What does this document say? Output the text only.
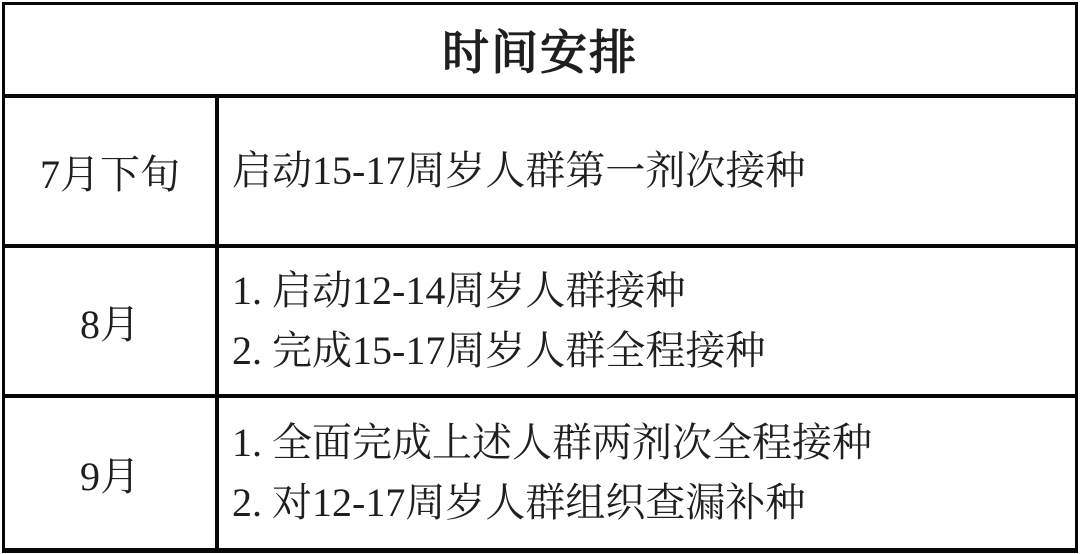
时间安排
7月下旬	启动15-17周岁人群第一剂次接种
8月
1. 启动12-14周岁人群接种
2. 完成15-17周岁人群全程接种
9月
1. 全面完成上述人群两剂次全程接种
2. 对12-17周岁人群组织查漏补种
